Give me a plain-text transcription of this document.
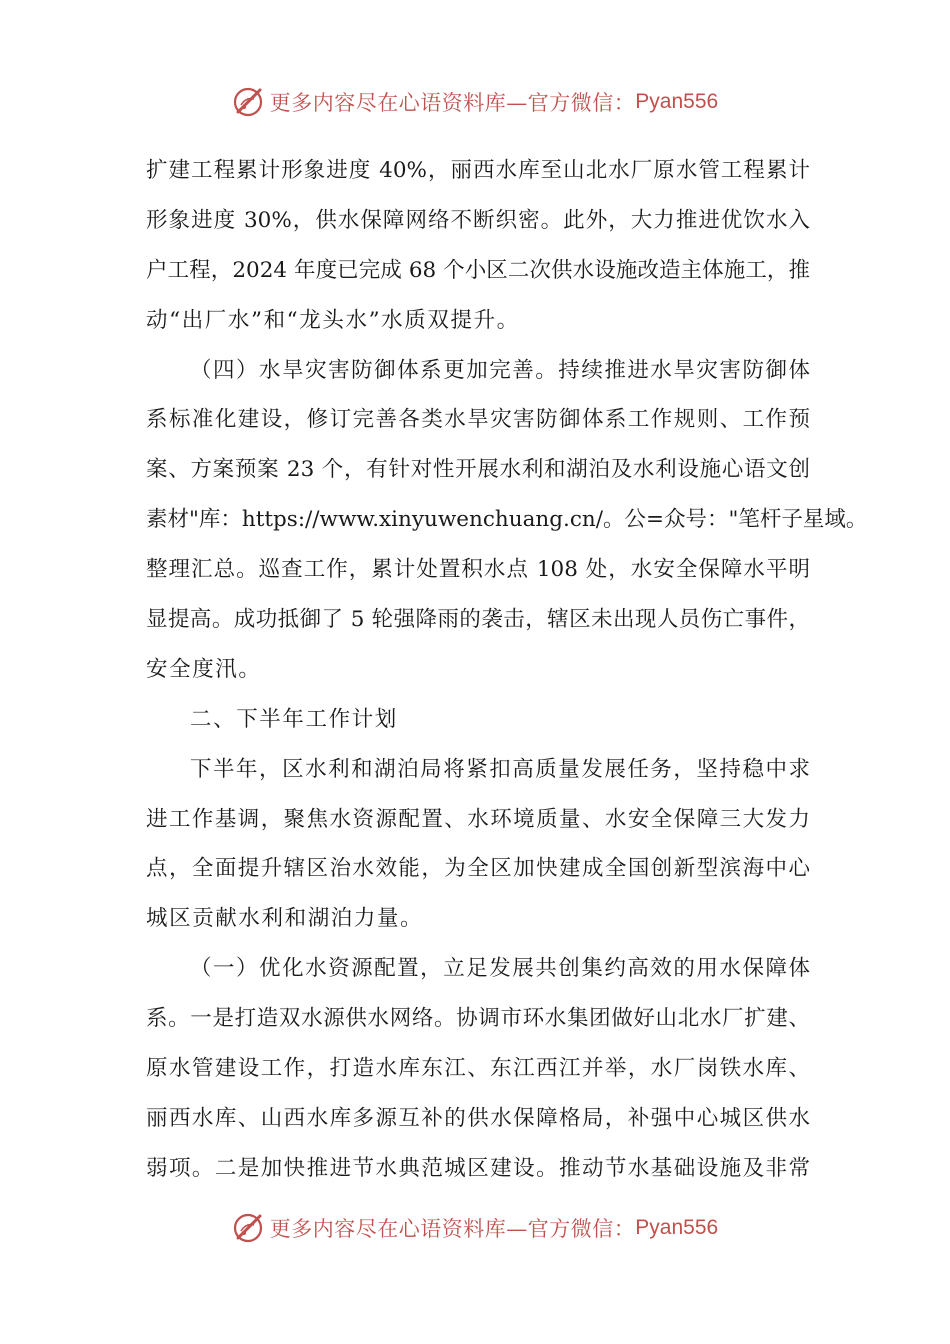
更多内容尽在心语资料库—官方微信： Pyan556
扩建工程累计形象进度 40%，丽西水库至山北水厂原水管工程累计
形象进度 30%，供水保障网络不断织密。此外，大力推进优饮水入
户工程，2024 年度已完成 68 个小区二次供水设施改造主体施工，推
动“出厂水”和“龙头水”水质双提升。
（四）水旱灾害防御体系更加完善。持续推进水旱灾害防御体
系标准化建设，修订完善各类水旱灾害防御体系工作规则、工作预
案、方案预案 23 个，有针对性开展水利和湖泊及水利设施心语文创
素材"库：https://www.xinyuwenchuang.cn/。公=众号："笔杆子星域。
整理汇总。巡查工作，累计处置积水点 108 处，水安全保障水平明
显提高。成功抵御了 5 轮强降雨的袭击，辖区未出现人员伤亡事件，
安全度汛。
二、下半年工作计划
下半年，区水利和湖泊局将紧扣高质量发展任务，坚持稳中求
进工作基调，聚焦水资源配置、水环境质量、水安全保障三大发力
点，全面提升辖区治水效能，为全区加快建成全国创新型滨海中心
城区贡献水利和湖泊力量。
（一）优化水资源配置，立足发展共创集约高效的用水保障体
系。一是打造双水源供水网络。协调市环水集团做好山北水厂扩建、
原水管建设工作，打造水库东江、东江西江并举，水厂岗铁水库、
丽西水库、山西水库多源互补的供水保障格局，补强中心城区供水
弱项。二是加快推进节水典范城区建设。推动节水基础设施及非常
更多内容尽在心语资料库—官方微信： Pyan556
